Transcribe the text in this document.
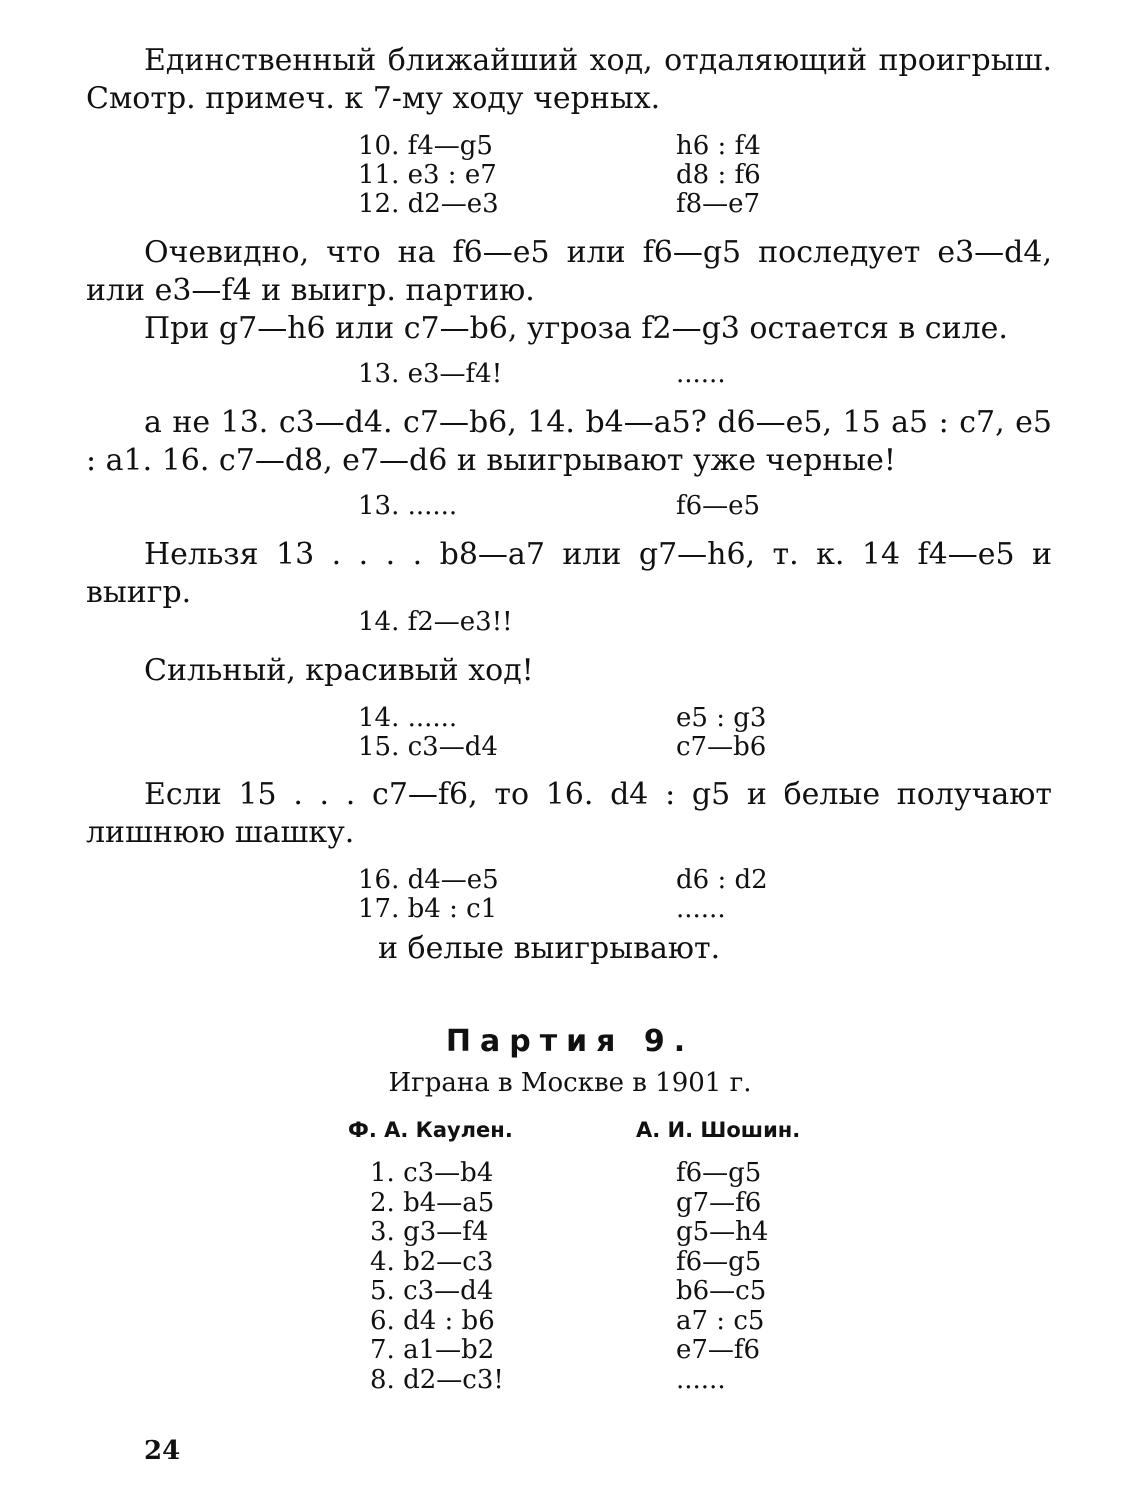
Единственный ближайший ход, отдаляющий проигрыш. Смотр. примеч. к 7-му ходу черных.

10. f4—g5	h6 : f4
11. e3 : e7	d8 : f6
12. d2—e3	f8—e7

Очевидно, что на f6—e5 или f6—g5 последует e3—d4, или e3—f4 и выигр. партию.

При g7—h6 или c7—b6, угроза f2—g3 остается в силе.

13. e3—f4!	......

а не 13. c3—d4. c7—b6, 14. b4—a5? d6—e5, 15 a5 : c7, e5 : a1. 16. c7—d8, e7—d6 и выигрывают уже черные!

13. ......	f6—e5

Нельзя 13 . . . . b8—a7 или g7—h6, т. к. 14 f4—e5 и выигр.

14. f2—e3!!

Сильный, красивый ход!

14. ......	e5 : g3
15. c3—d4	c7—b6

Если 15 . . . c7—f6, то 16. d4 : g5 и белые получают лишнюю шашку.

16. d4—e5	d6 : d2
17. b4 : c1	......
и белые выигрывают.
Партия 9.
Играна в Москве в 1901 г.
Ф. А. Каулен.	А. И. Шошин.
1. c3—b4	f6—g5
2. b4—a5	g7—f6
3. g3—f4	g5—h4
4. b2—c3	f6—g5
5. c3—d4	b6—c5
6. d4 : b6	a7 : c5
7. a1—b2	e7—f6
8. d2—c3!	......
24
